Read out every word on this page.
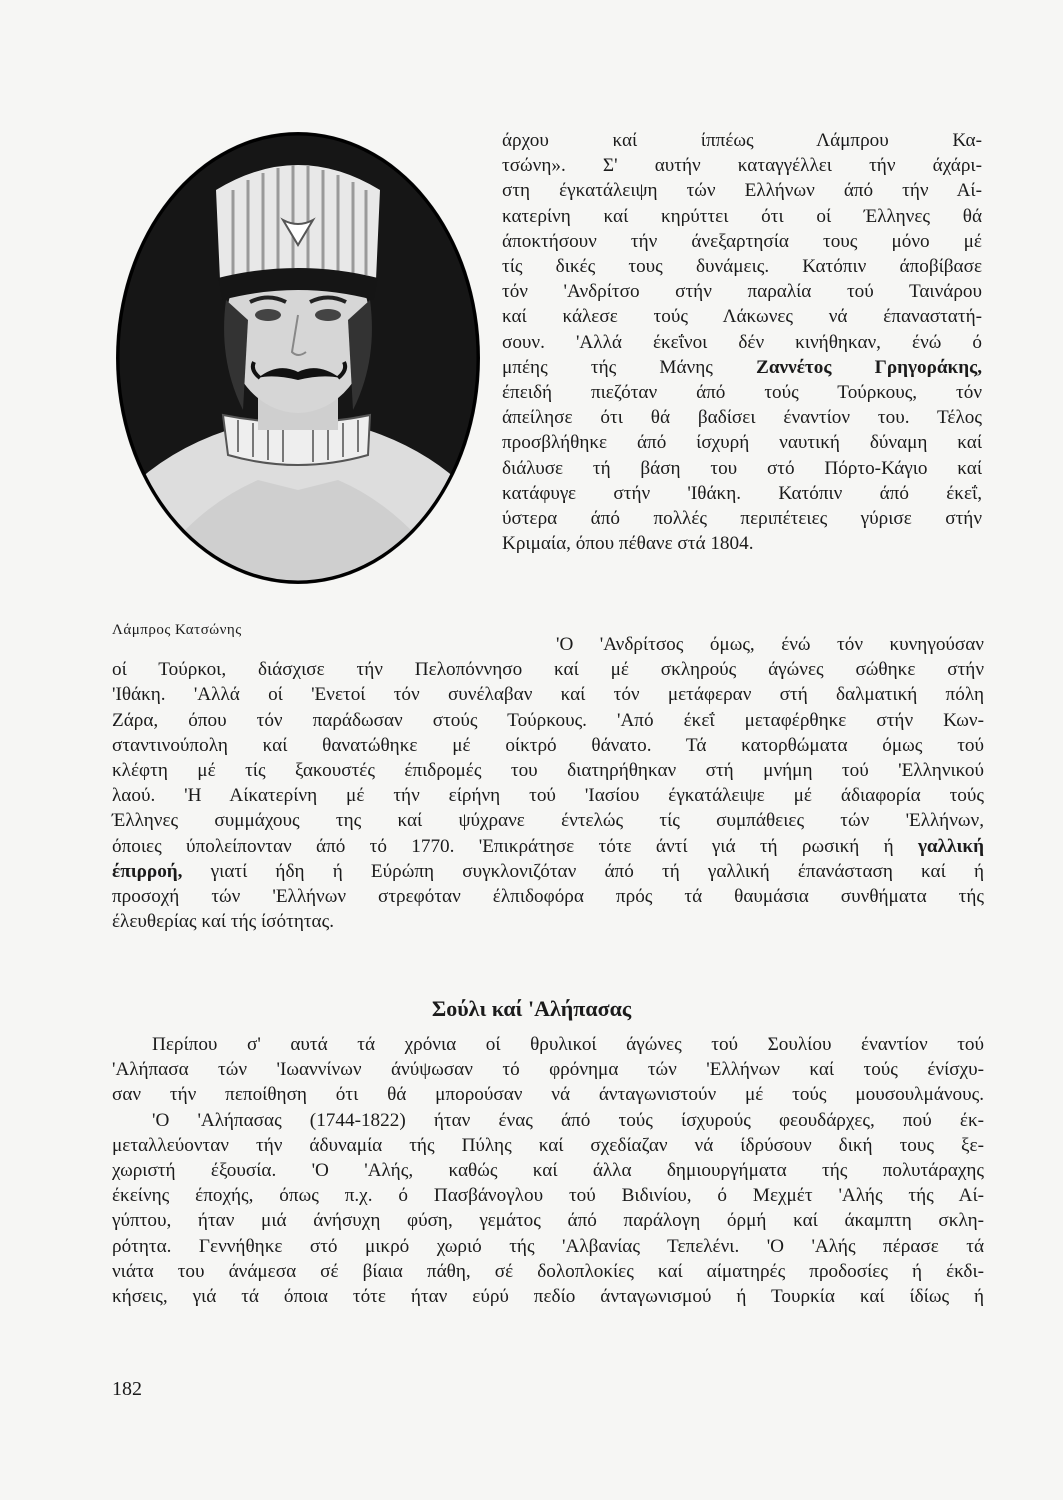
Λάμπρος Κατσώνης
άρχου καί ίππέως Λάμπρου Κα-
τσώνη». Σ' αυτήν καταγγέλλει τήν άχάρι-
στη έγκατάλειψη τών Ελλήνων άπό τήν Αί-
κατερίνη καί κηρύττει ότι οί Έλληνες θά
άποκτήσουν τήν άνεξαρτησία τους μόνο μέ
τίς δικές τους δυνάμεις. Κατόπιν άποβίβασε
τόν 'Ανδρίτσο στήν παραλία τού Ταινάρου
καί κάλεσε τούς Λάκωνες νά έπαναστατή-
σουν. 'Αλλά έκεΐνοι δέν κινήθηκαν, ένώ ό
μπέης τής Μάνης Ζαννέτος Γρηγοράκης,
έπειδή πιεζόταν άπό τούς Τούρκους, τόν
άπείλησε ότι θά βαδίσει έναντίον του. Τέλος
προσβλήθηκε άπό ίσχυρή ναυτική δύναμη καί
διάλυσε τή βάση του στό Πόρτο-Κάγιο καί
κατάφυγε στήν 'Ιθάκη. Κατόπιν άπό έκεΐ,
ύστερα άπό πολλές περιπέτειες γύρισε στήν
Κριμαία, όπου πέθανε στά 1804.
'Ο 'Ανδρίτσος όμως, ένώ τόν κυνηγούσαν
οί Τούρκοι, διάσχισε τήν Πελοπόννησο καί μέ σκληρούς άγώνες σώθηκε στήν
'Ιθάκη. 'Αλλά οί 'Ενετοί τόν συνέλαβαν καί τόν μετάφεραν στή δαλματική πόλη
Ζάρα, όπου τόν παράδωσαν στούς Τούρκους. 'Από έκεΐ μεταφέρθηκε στήν Κων-
σταντινούπολη καί θανατώθηκε μέ οίκτρό θάνατο. Τά κατορθώματα όμως τού
κλέφτη μέ τίς ξακουστές έπιδρομές του διατηρήθηκαν στή μνήμη τού 'Ελληνικού
λαού. 'Η Αίκατερίνη μέ τήν είρήνη τού 'Ιασίου έγκατάλειψε μέ άδιαφορία τούς
Έλληνες συμμάχους της καί ψύχρανε έντελώς τίς συμπάθειες τών 'Ελλήνων,
όποιες ύπολείπονταν άπό τό 1770. 'Επικράτησε τότε άντί γιά τή ρωσική ή γαλλική
έπιρροή, γιατί ήδη ή Εύρώπη συγκλονιζόταν άπό τή γαλλική έπανάσταση καί ή
προσοχή τών 'Ελλήνων στρεφόταν έλπιδοφόρα πρός τά θαυμάσια συνθήματα τής
έλευθερίας καί τής ίσότητας.
Σούλι καί 'Αλήπασας
Περίπου σ' αυτά τά χρόνια οί θρυλικοί άγώνες τού Σουλίου έναντίον τού
'Αλήπασα τών 'Ιωαννίνων άνύψωσαν τό φρόνημα τών 'Ελλήνων καί τούς ένίσχυ-
σαν τήν πεποίθηση ότι θά μπορούσαν νά άνταγωνιστούν μέ τούς μουσουλμάνους.
'Ο 'Αλήπασας (1744-1822) ήταν ένας άπό τούς ίσχυρούς φεουδάρχες, πού έκ-
μεταλλεύονταν τήν άδυναμία τής Πύλης καί σχεδίαζαν νά ίδρύσουν δική τους ξε-
χωριστή έξουσία. 'Ο 'Αλής, καθώς καί άλλα δημιουργήματα τής πολυτάραχης
έκείνης έποχής, όπως π.χ. ό Πασβάνογλου τού Βιδινίου, ό Μεχμέτ 'Αλής τής Αί-
γύπτου, ήταν μιά άνήσυχη φύση, γεμάτος άπό παράλογη όρμή καί άκαμπτη σκλη-
ρότητα. Γεννήθηκε στό μικρό χωριό τής 'Αλβανίας Τεπελένι. 'Ο 'Αλής πέρασε τά
νιάτα του άνάμεσα σέ βίαια πάθη, σέ δολοπλοκίες καί αίματηρές προδοσίες ή έκδι-
κήσεις, γιά τά όποια τότε ήταν εύρύ πεδίο άνταγωνισμού ή Τουρκία καί ίδίως ή
182
